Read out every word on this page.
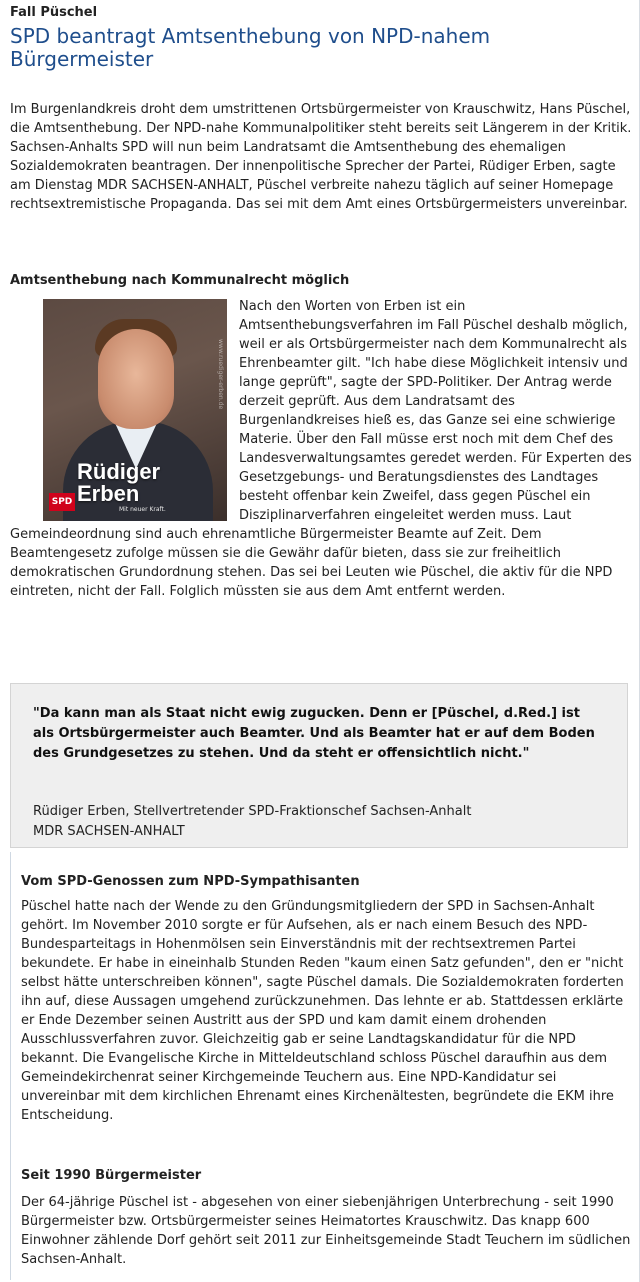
Fall Püschel
SPD beantragt Amtsenthebung von NPD-nahem Bürgermeister

Im Burgenlandkreis droht dem umstrittenen Ortsbürgermeister von Krauschwitz, Hans Püschel, die Amtsenthebung. Der NPD-nahe Kommunalpolitiker steht bereits seit Längerem in der Kritik. Sachsen-Anhalts SPD will nun beim Landratsamt die Amtsenthebung des ehemaligen Sozialdemokraten beantragen. Der innenpolitische Sprecher der Partei, Rüdiger Erben, sagte am Dienstag MDR SACHSEN-ANHALT, Püschel verbreite nahezu täglich auf seiner Homepage rechtsextremistische Propaganda. Das sei mit dem Amt eines Ortsbürgermeisters unvereinbar.

Amtsenthebung nach Kommunalrecht möglich
www.ruediger-erben.de
Rüdiger Erben
SPD
Mit neuer Kraft.

Nach den Worten von Erben ist ein Amtsenthebungsverfahren im Fall Püschel deshalb möglich, weil er als Ortsbürgermeister nach dem Kommunalrecht als Ehrenbeamter gilt. "Ich habe diese Möglichkeit intensiv und lange geprüft", sagte der SPD-Politiker. Der Antrag werde derzeit geprüft. Aus dem Landratsamt des Burgenlandkreises hieß es, das Ganze sei eine schwierige Materie. Über den Fall müsse erst noch mit dem Chef des Landesverwaltungsamtes geredet werden. Für Experten des Gesetzgebungs- und Beratungsdienstes des Landtages besteht offenbar kein Zweifel, dass gegen Püschel ein Disziplinarverfahren eingeleitet werden muss. Laut Gemeindeordnung sind auch ehrenamtliche Bürgermeister Beamte auf Zeit. Dem Beamtengesetz zufolge müssen sie die Gewähr dafür bieten, dass sie zur freiheitlich demokratischen Grundordnung stehen. Das sei bei Leuten wie Püschel, die aktiv für die NPD eintreten, nicht der Fall. Folglich müssten sie aus dem Amt entfernt werden.

"Da kann man als Staat nicht ewig zugucken. Denn er [Püschel, d.Red.] ist als Ortsbürgermeister auch Beamter. Und als Beamter hat er auf dem Boden des Grundgesetzes zu stehen. Und da steht er offensichtlich nicht."

Rüdiger Erben, Stellvertretender SPD-Fraktionschef Sachsen-Anhalt
MDR SACHSEN-ANHALT
Vom SPD-Genossen zum NPD-Sympathisanten

Püschel hatte nach der Wende zu den Gründungsmitgliedern der SPD in Sachsen-Anhalt gehört. Im November 2010 sorgte er für Aufsehen, als er nach einem Besuch des NPD-Bundesparteitags in Hohenmölsen sein Einverständnis mit der rechtsextremen Partei bekundete. Er habe in eineinhalb Stunden Reden "kaum einen Satz gefunden", den er "nicht selbst hätte unterschreiben können", sagte Püschel damals. Die Sozialdemokraten forderten ihn auf, diese Aussagen umgehend zurückzunehmen. Das lehnte er ab. Stattdessen erklärte er Ende Dezember seinen Austritt aus der SPD und kam damit einem drohenden Ausschlussverfahren zuvor. Gleichzeitig gab er seine Landtagskandidatur für die NPD bekannt. Die Evangelische Kirche in Mitteldeutschland schloss Püschel daraufhin aus dem Gemeindekirchenrat seiner Kirchgemeinde Teuchern aus. Eine NPD-Kandidatur sei unvereinbar mit dem kirchlichen Ehrenamt eines Kirchenältesten, begründete die EKM ihre Entscheidung.

Seit 1990 Bürgermeister

Der 64-jährige Püschel ist - abgesehen von einer siebenjährigen Unterbrechung - seit 1990 Bürgermeister bzw. Ortsbürgermeister seines Heimatortes Krauschwitz. Das knapp 600 Einwohner zählende Dorf gehört seit 2011 zur Einheitsgemeinde Stadt Teuchern im südlichen Sachsen-Anhalt.
